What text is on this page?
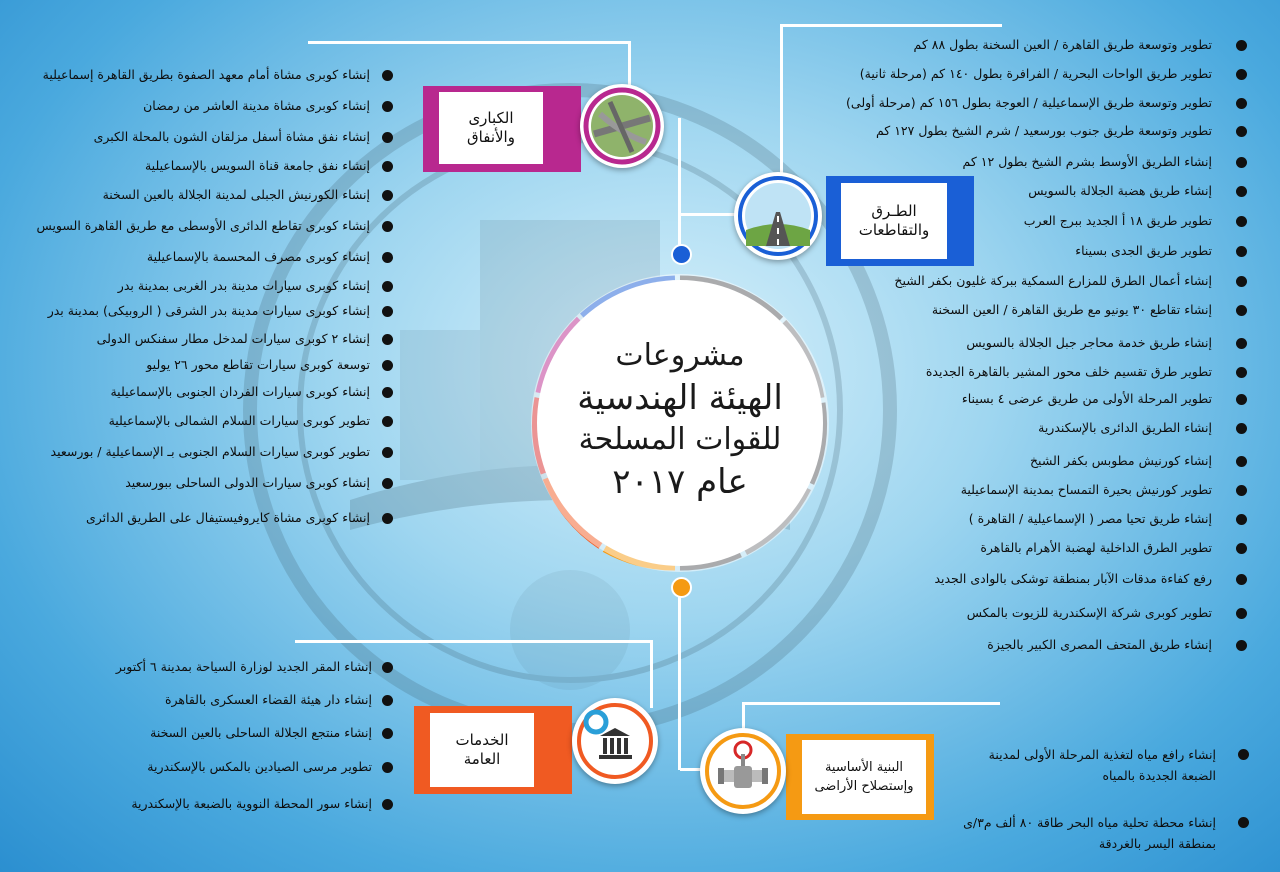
مشروعات
الهيئة الهندسية
للقوات المسلحة
عام ٢٠١٧
الكبارى
والأنفاق
الطـرق
والتقاطعات
الخدمات
العامة	البنية الأساسية
وإستصلاح الأراضى
إنشاء كوبرى مشاة أمام معهد الصفوة بطريق القاهرة إسماعيلية
إنشاء كوبرى مشاة مدينة العاشر من رمضان
إنشاء نفق مشاة أسفل مزلقان الشون بالمحلة الكبرى
إنشاء نفق جامعة قناة السويس بالإسماعيلية
إنشاء الكورنيش الجبلى لمدينة الجلالة بالعين السخنة
إنشاء كوبرى تقاطع الدائرى الأوسطى مع طريق القاهرة السويس
إنشاء كوبرى مصرف المحسمة بالإسماعيلية
إنشاء كوبرى سيارات مدينة بدر الغربى بمدينة بدر
إنشاء كوبرى سيارات مدينة بدر الشرقى ( الروبيكى) بمدينة بدر
إنشاء ٢ كوبرى سيارات لمدخل مطار سفنكس الدولى
توسعة كوبرى سيارات تقاطع محور ٢٦ يوليو
إنشاء كوبرى سيارات الفردان الجنوبى بالإسماعيلية
تطوير كوبرى سيارات السلام الشمالى بالإسماعيلية
تطوير كوبرى سيارات السلام الجنوبى بـ الإسماعيلية / بورسعيد
إنشاء كوبرى سيارات الدولى الساحلى ببورسعيد
إنشاء كوبرى مشاة كايروفيستيفال على الطريق الدائرى
تطوير وتوسعة طريق القاهرة / العين السخنة بطول ٨٨ كم
تطوير طريق الواحات البحرية / الفرافرة بطول ١٤٠ كم (مرحلة ثانية)
تطوير وتوسعة طريق الإسماعيلية / العوجة بطول ١٥٦ كم (مرحلة أولى)
تطوير وتوسعة طريق جنوب بورسعيد / شرم الشيخ بطول ١٢٧ كم
إنشاء الطريق الأوسط بشرم الشيخ بطول ١٢ كم
إنشاء طريق هضبة الجلالة بالسويس
تطوير طريق ١٨ أ الجديد ببرج العرب
تطوير طريق الجدى بسيناء
إنشاء أعمال الطرق للمزارع السمكية ببركة غليون بكفر الشيخ
إنشاء تقاطع ٣٠ يونيو مع طريق القاهرة / العين السخنة
إنشاء طريق خدمة محاجر جبل الجلالة بالسويس
تطوير طرق تقسيم خلف محور المشير بالقاهرة الجديدة
تطوير المرحلة الأولى من طريق عرضى ٤ بسيناء
إنشاء الطريق الدائرى بالإسكندرية
إنشاء كورنيش مطوبس بكفر الشيخ
تطوير كورنيش بحيرة التمساح بمدينة الإسماعيلية
إنشاء طريق تحيا مصر ( الإسماعيلية / القاهرة )
تطوير الطرق الداخلية لهضبة الأهرام بالقاهرة
رفع كفاءة مدقات الآبار بمنطقة توشكى بالوادى الجديد
تطوير كوبرى شركة الإسكندرية للزيوت بالمكس
إنشاء طريق المتحف المصرى الكبير بالجيزة
إنشاء المقر الجديد لوزارة السياحة بمدينة ٦ أكتوبر
إنشاء دار هيئة القضاء العسكرى بالقاهرة
إنشاء منتجع الجلالة الساحلى بالعين السخنة
تطوير مرسى الصيادين بالمكس بالإسكندرية
إنشاء سور المحطة النووية بالضبعة بالإسكندرية
إنشاء رافع مياه لتغذية المرحلة الأولى لمدينة
الضبعة الجديدة بالمياه
إنشاء محطة تحلية مياه البحر طاقة ٨٠ ألف م٣/ى
بمنطقة اليسر بالغردقة
